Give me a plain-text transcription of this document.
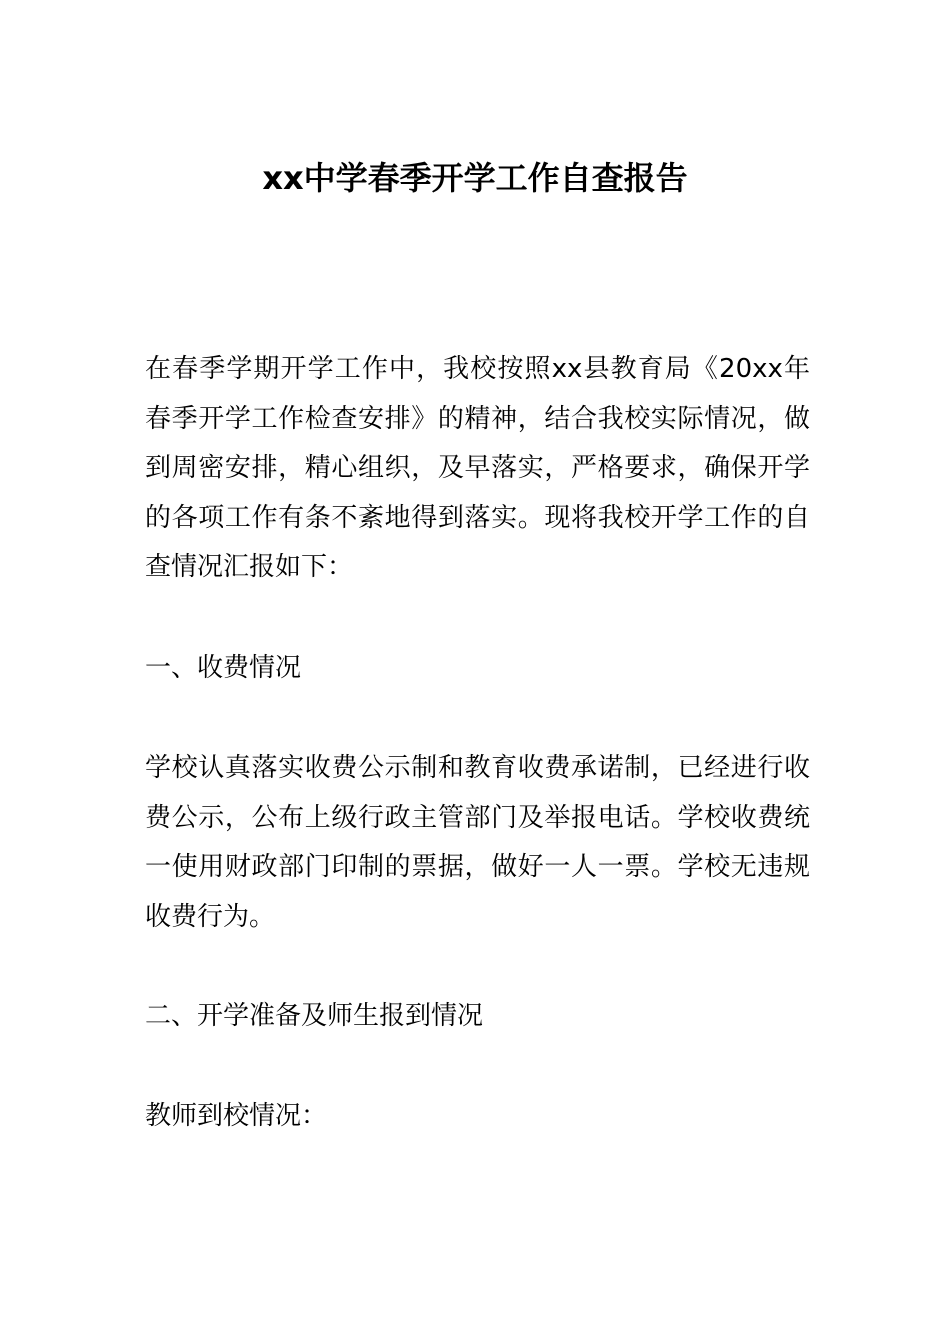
xx中学春季开学工作自查报告

在春季学期开学工作中，我校按照xx县教育局《20xx年春季开学工作检查安排》的精神，结合我校实际情况，做到周密安排，精心组织，及早落实，严格要求，确保开学的各项工作有条不紊地得到落实。现将我校开学工作的自查情况汇报如下：

一、收费情况

学校认真落实收费公示制和教育收费承诺制，已经进行收费公示，公布上级行政主管部门及举报电话。学校收费统一使用财政部门印制的票据，做好一人一票。学校无违规收费行为。

二、开学准备及师生报到情况

教师到校情况：
